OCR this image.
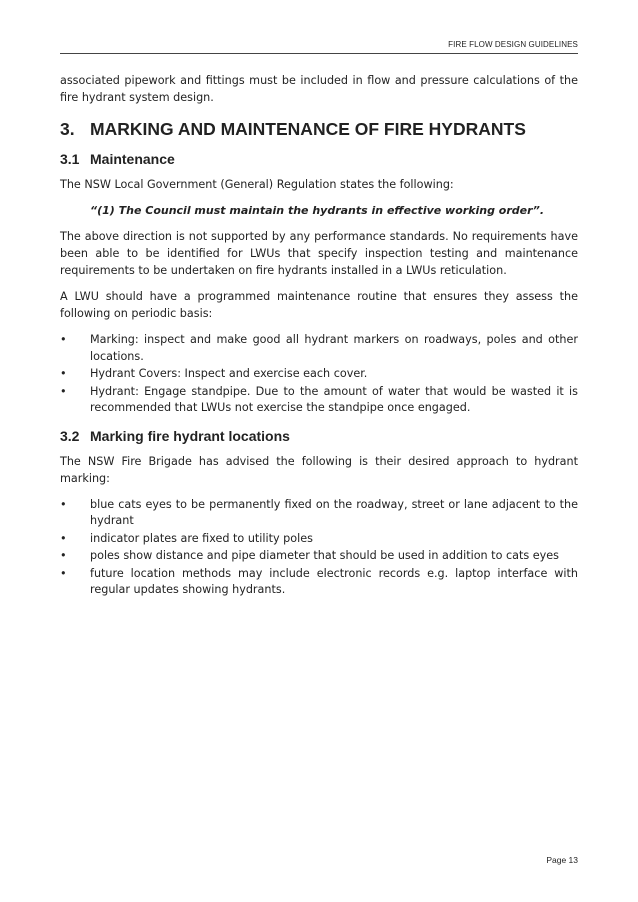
FIRE FLOW DESIGN GUIDELINES

associated pipework and fittings must be included in flow and pressure calculations of the fire hydrant system design.

3. MARKING AND MAINTENANCE OF FIRE HYDRANTS
3.1 Maintenance

The NSW Local Government (General) Regulation states the following:

“(1) The Council must maintain the hydrants in effective working order”.

The above direction is not supported by any performance standards. No requirements have been able to be identified for LWUs that specify inspection testing and maintenance requirements to be undertaken on fire hydrants installed in a LWUs reticulation.

A LWU should have a programmed maintenance routine that ensures they assess the following on periodic basis:

• Marking: inspect and make good all hydrant markers on roadways, poles and other locations.
• Hydrant Covers: Inspect and exercise each cover.
• Hydrant: Engage standpipe. Due to the amount of water that would be wasted it is recommended that LWUs not exercise the standpipe once engaged.
3.2 Marking fire hydrant locations

The NSW Fire Brigade has advised the following is their desired approach to hydrant marking:

• blue cats eyes to be permanently fixed on the roadway, street or lane adjacent to the hydrant
• indicator plates are fixed to utility poles
• poles show distance and pipe diameter that should be used in addition to cats eyes
• future location methods may include electronic records e.g. laptop interface with regular updates showing hydrants.
Page 13
